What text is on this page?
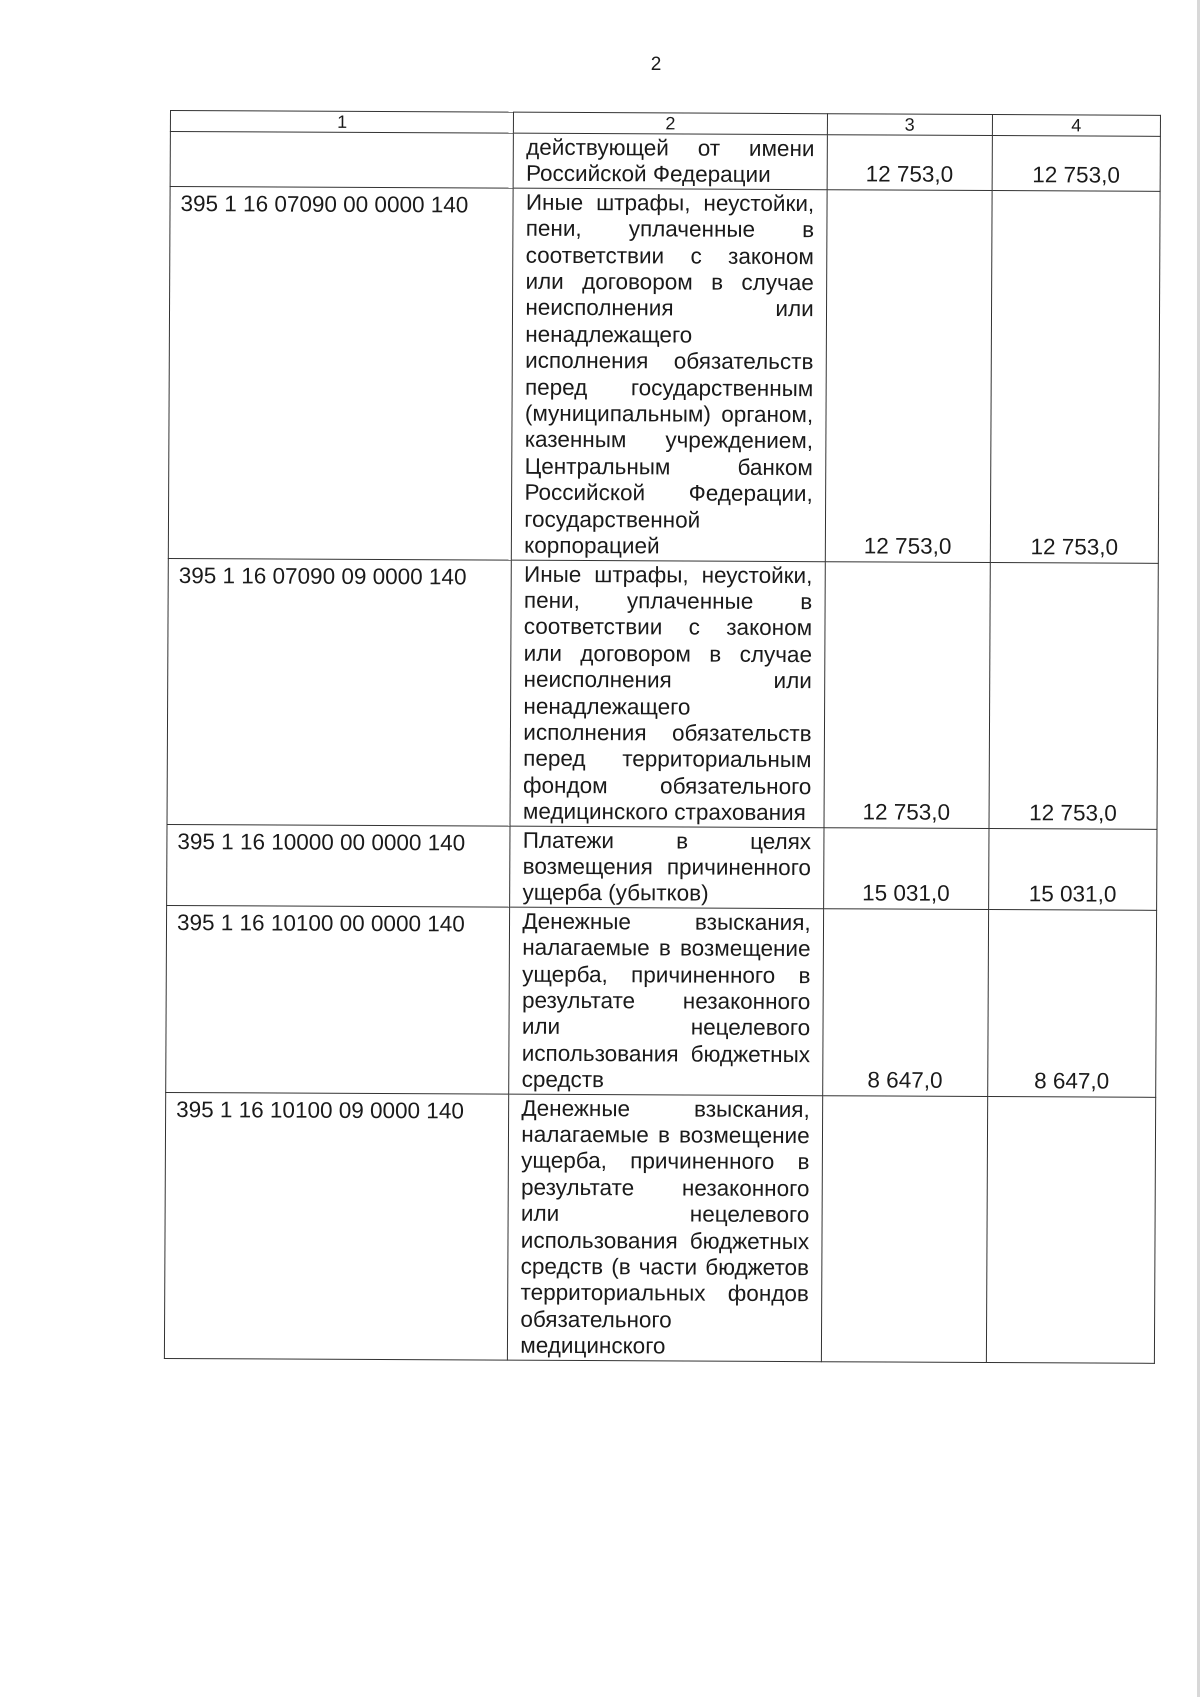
2
1	2	3	4
	действующей от имени Российской Федерации	12 753,0	12 753,0
395 1 16 07090 00 0000 140	Иные штрафы, неустойки, пени, уплаченные в соответствии с законом или договором в случае неисполнения или ненадлежащего исполнения обязательств перед государственным (муниципальным) органом, казенным учреждением, Центральным банком Российской Федерации, государственной корпорацией	12 753,0	12 753,0
395 1 16 07090 09 0000 140	Иные штрафы, неустойки, пени, уплаченные в соответствии с законом или договором в случае неисполнения или ненадлежащего исполнения обязательств перед территориальным фондом обязательного медицинского страхования	12 753,0	12 753,0
395 1 16 10000 00 0000 140	Платежи в целях возмещения причиненного ущерба (убытков)	15 031,0	15 031,0
395 1 16 10100 00 0000 140	Денежные взыскания, налагаемые в возмещение ущерба, причиненного в результате незаконного или нецелевого использования бюджетных средств	8 647,0	8 647,0
395 1 16 10100 09 0000 140	Денежные взыскания, налагаемые в возмещение ущерба, причиненного в результате незаконного или нецелевого использования бюджетных средств (в части бюджетов территориальных фондов обязательного медицинского		
